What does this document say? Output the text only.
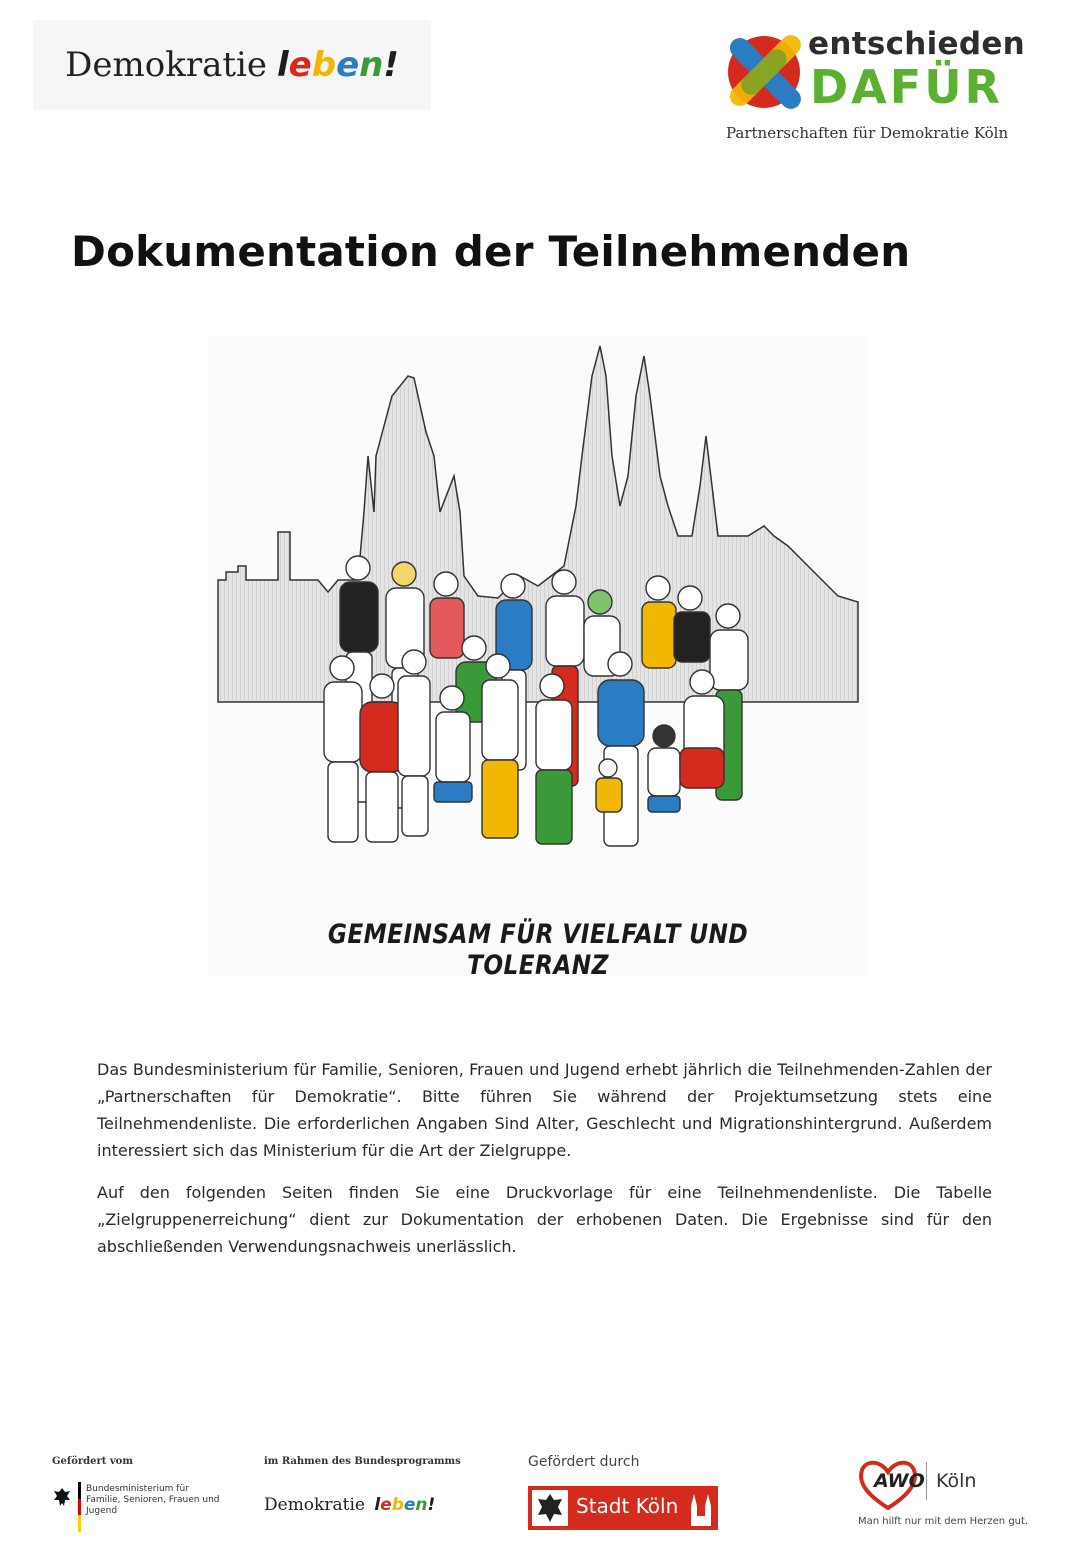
Demokratie leben!
entschieden
DAFÜR
Partnerschaften für Demokratie Köln
Dokumentation der Teilnehmenden
GEMEINSAM FÜR VIELFALT UND TOLERANZ

Das Bundesministerium für Familie, Senioren, Frauen und Jugend erhebt jährlich die Teilnehmenden-Zahlen der „Partnerschaften für Demokratie“. Bitte führen Sie während der Projektumsetzung stets eine Teilnehmendenliste. Die erforderlichen Angaben Sind Alter, Geschlecht und Migrationshintergrund. Außerdem interessiert sich das Ministerium für die Art der Zielgruppe.

Auf den folgenden Seiten finden Sie eine Druckvorlage für eine Teilnehmendenliste. Die Tabelle „Zielgruppenerreichung“ dient zur Dokumentation der erhobenen Daten. Die Ergebnisse sind für den abschließenden Verwendungsnachweis unerlässlich.

Gefördert vom
Bundesministerium für Familie, Senioren, Frauen und Jugend
im Rahmen des Bundesprogramms
Demokratie leben!
Gefördert durch
Stadt Köln
AWO Köln
Man hilft nur mit dem Herzen gut.
